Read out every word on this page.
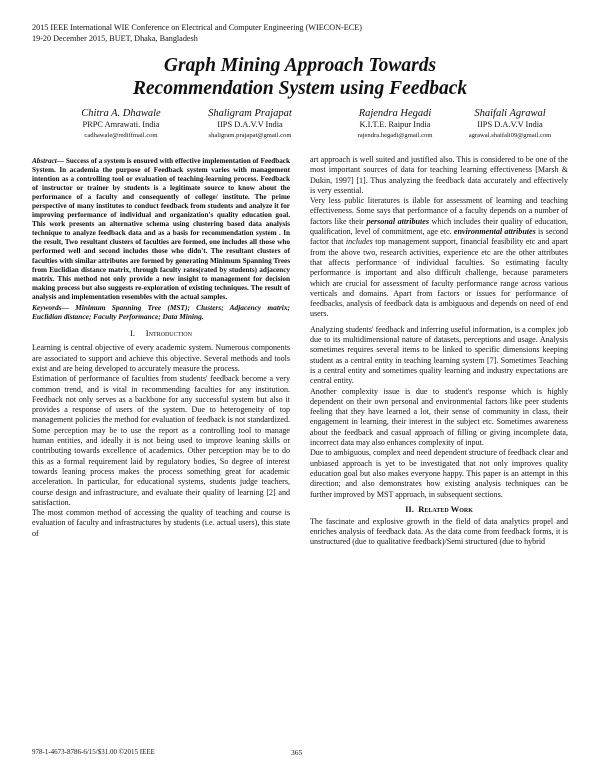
2015 IEEE International WIE Conference on Electrical and Computer Engineering (WIECON-ECE)
19-20 December 2015, BUET, Dhaka, Bangladesh
Graph Mining Approach Towards
Recommendation System using Feedback
Chitra A. Dhawale
PRPC Amrawati. India
cadhawale@rediffmail.com
Shaligram Prajapat
IIPS D.A.V.V India
shaligram.prajapat@gmail.com
Rajendra Hegadi
K.I.T.E. Raipur India
rajendra.hegadi@gmail.com
Shaifali Agrawal
IIPS D.A.V.V India
agrawal.shaifali09@gmail.com

Abstract— Success of a system is ensured with effective implementation of Feedback System. In academia the purpose of Feedback system varies with management intention as a controlling tool or evaluation of teaching-learning process. Feedback of instructor or trainer by students is a legitimate source to know about the performance of a faculty and consequently of college/ institute. The prime perspective of many institutes to conduct feedback from students and analyze it for improving performance of individual and organization's quality education goal. This work presents an alternative schema using clustering based data analysis technique to analyze feedback data and as a basis for recommendation system . In the result, Two resultant clusters of faculties are formed, one includes all those who performed well and second includes those who didn't. The resultant clusters of faculties with similar attributes are formed by generating Minimum Spanning Trees from Euclidian distance matrix, through faculty rates(rated by students) adjacency matrix. This method not only provide a new insight to management for decision making process but also suggests re-exploration of existing techniques. The result of analysis and implementation resembles with the actual samples.

Keywords— Minimum Spanning Tree (MST); Clusters; Adjacency matrix; Euclidian distance; Faculty Performance; Data Mining.

I. Introduction

Learning is central objective of every academic system. Numerous components are associated to support and achieve this objective. Several methods and tools exist and are being developed to accurately measure the process.

Estimation of performance of faculties from students' feedback become a very common trend, and is vital in recommending faculties for any institution. Feedback not only serves as a backbone for any successful system but also it provides a response of users of the system. Due to heterogeneity of top management policies the method for evaluation of feedback is not standardized. Some perception may be to use the report as a controlling tool to manage human entities, and ideally it is not being used to improve leaning skills or contributing towards excellence of academics. Other perception may be to do this as a formal requirement laid by regulatory bodies, So degree of interest towards leaning process makes the process something great for academic acceleration. In particular, for educational systems, students judge teachers, course design and infrastructure, and evaluate their quality of learning [2] and satisfaction.

The most common method of accessing the quality of teaching and course is evaluation of faculty and infrastructures by students (i.e. actual users), this state of

art approach is well suited and justified also. This is considered to be one of the most important sources of data for teaching learning effectiveness [Marsh & Dukin, 1997] [1]. Thus analyzing the feedback data accurately and effectively is very essential.

Very less public literatures is ilable for assessment of learning and teaching effectiveness. Some says that performance of a faculty depends on a number of factors like their personal attributes which includes their quality of education, qualification, level of commitment, age etc. environmental attributes is second factor that includes top management support, financial feasibility etc and apart from the above two, research activities, experience etc are the other attributes that affects performance of individual faculties. So estimating faculty performance is important and also difficult challenge, because parameters which are crucial for assessment of faculty performance range across various verticals and domains. Apart from factors or issues for performance of feedbacks, analysis of feedback data is ambiguous and depends on need of end users.

Analyzing students' feedback and inferring useful information, is a complex job due to its multidimensional nature of datasets, perceptions and usage. Analysis sometimes requires several items to be linked to specific dimensions keeping student as a central entity in teaching learning system [7]. Sometimes Teaching is a central entity and sometimes quality learning and industry expectations are central entity.

Another complexity issue is due to student's response which is highly dependent on their own personal and environmental factors like peer students feeling that they have learned a lot, their sense of community in class, their engagement in learning, their interest in the subject etc. Sometimes awareness about the feedback and casual approach of filling or giving incomplete data, incorrect data may also enhances complexity of input.

Due to ambiguous, complex and need dependent structure of feedback clear and unbiased approach is yet to be investigated that not only improves quality education goal but also makes everyone happy. This paper is an attempt in this direction; and also demonstrates how existing analysis techniques can be further improved by MST approach, in subsequent sections.

II. Related Work

The fascinate and explosive growth in the field of data analytics propel and enriches analysis of feedback data. As the data come from feedback forms, it is unstructured (due to qualitative feedback)/Semi structured (due to hybrid

978-1-4673-8786-6/15/$31.00 ©2015 IEEE	365
